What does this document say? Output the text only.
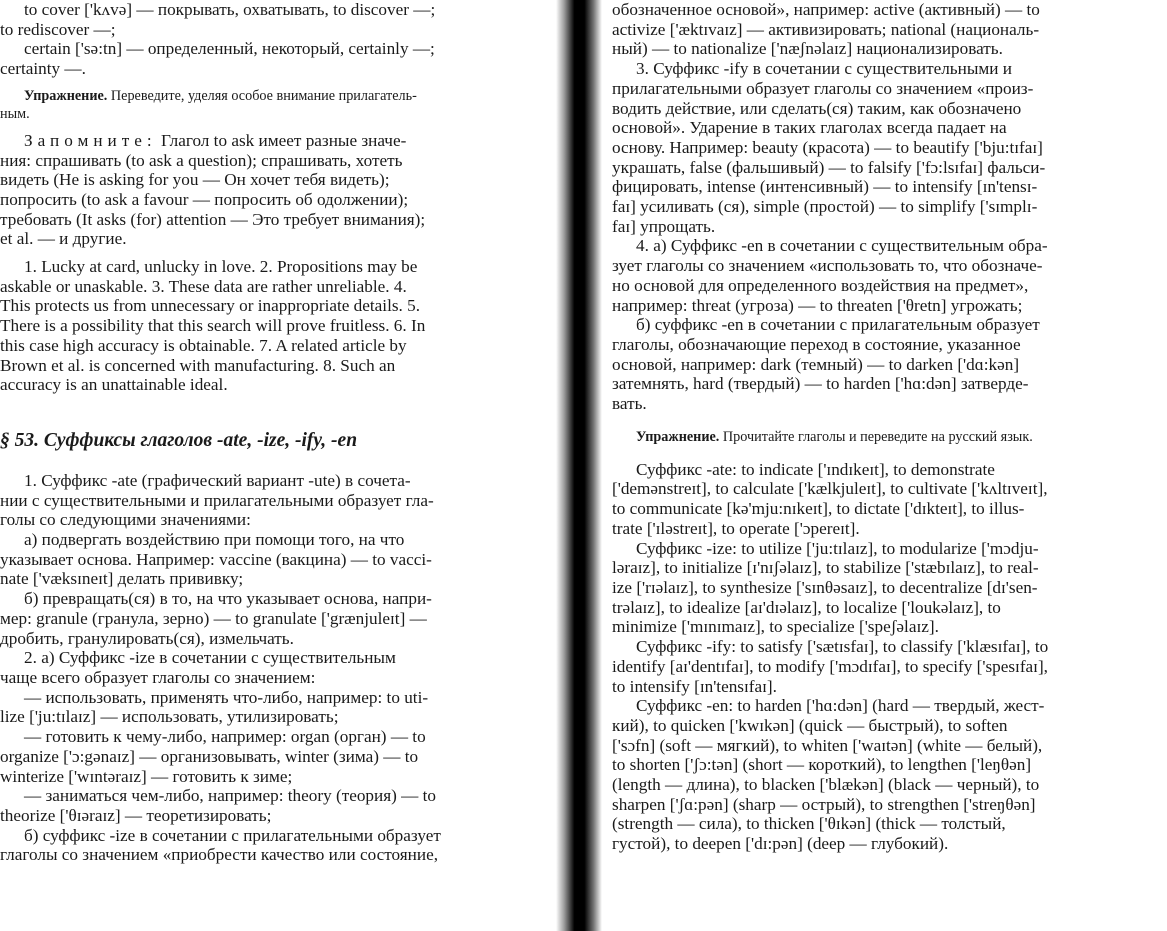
to cover ['kʌvə] — покрывать, охватывать, to discover —;

to rediscover —;

certain ['sə:tn] — определенный, некоторый, certainly —;

certainty —.

Упражнение. Переведите, уделяя особое внимание прилагатель-

ным.

Запомните: Глагол to ask имеет разные значе-

ния: спрашивать (to ask a question); спрашивать, хотеть

видеть (He is asking for you — Он хочет тебя видеть);

попросить (to ask a favour — попросить об одолжении);

требовать (It asks (for) attention — Это требует внимания);

et al. — и другие.

1. Lucky at card, unlucky in love. 2. Propositions may be

askable or unaskable. 3. These data are rather unreliable. 4.

This protects us from unnecessary or inappropriate details. 5.

There is a possibility that this search will prove fruitless. 6. In

this case high accuracy is obtainable. 7. A related article by

Brown et al. is concerned with manufacturing. 8. Such an

accuracy is an unattainable ideal.

§ 53. Суффиксы глаголов -ate, -ize, -ify, -en

1. Суффикс -ate (графический вариант -ute) в сочета-

нии с существительными и прилагательными образует гла-

голы со следующими значениями:

а) подвергать воздействию при помощи того, на что

указывает основа. Например: vaccine (вакцина) — to vacci-

nate ['væksɪneɪt] делать прививку;

б) превращать(ся) в то, на что указывает основа, напри-

мер: granule (гранула, зерно) — to granulate ['grænjuleɪt] —

дробить, гранулировать(ся), измельчать.

2. а) Суффикс -ize в сочетании с существительным

чаще всего образует глаголы со значением:

— использовать, применять что-либо, например: to uti-

lize ['ju:tɪlaɪz] — использовать, утилизировать;

— готовить к чему-либо, например: organ (орган) — to

organize ['ɔ:gənaɪz] — организовывать, winter (зима) — to

winterize ['wɪntəraɪz] — готовить к зиме;

— заниматься чем-либо, например: theory (теория) — to

theorize ['θɪəraɪz] — теоретизировать;

б) суффикс -ize в сочетании с прилагательными образует

глаголы со значением «приобрести качество или состояние,

обозначенное основой», например: active (активный) — to

activize ['æktɪvaɪz] — активизировать; national (националь-

ный) — to nationalize ['næʃnəlaɪz] национализировать.

3. Суффикс -ify в сочетании с существительными и

прилагательными образует глаголы со значением «произ-

водить действие, или сделать(ся) таким, как обозначено

основой». Ударение в таких глаголах всегда падает на

основу. Например: beauty (красота) — to beautify ['bju:tɪfaɪ]

украшать, false (фальшивый) — to falsify ['fɔ:lsɪfaɪ] фальси-

фицировать, intense (интенсивный) — to intensify [ɪn'tensɪ-

faɪ] усиливать (ся), simple (простой) — to simplify ['sɪmplɪ-

faɪ] упрощать.

4. а) Суффикс -en в сочетании с существительным обра-

зует глаголы со значением «использовать то, что обозначе-

но основой для определенного воздействия на предмет»,

например: threat (угроза) — to threaten ['θretn] угрожать;

б) суффикс -en в сочетании с прилагательным образует

глаголы, обозначающие переход в состояние, указанное

основой, например: dark (темный) — to darken ['dɑ:kən]

затемнять, hard (твердый) — to harden ['hɑ:dən] затверде-

вать.

Упражнение. Прочитайте глаголы и переведите на русский язык.

Суффикс -ate: to indicate ['ɪndɪkeɪt], to demonstrate

['demənstreɪt], to calculate ['kælkjuleɪt], to cultivate ['kʌltɪveɪt],

to communicate [kə'mju:nɪkeɪt], to dictate ['dɪkteɪt], to illus-

trate ['ɪləstreɪt], to operate ['ɔpereɪt].

Суффикс -ize: to utilize ['ju:tɪlaɪz], to modularize ['mɔdju-

ləraɪz], to initialize [ɪ'nɪʃəlaɪz], to stabilize ['stæbɪlaɪz], to real-

ize ['rɪəlaɪz], to synthesize ['sɪnθəsaɪz], to decentralize [dɪ'sen-

trəlaɪz], to idealize [aɪ'dɪəlaɪz], to localize ['loukəlaɪz], to

minimize ['mɪnɪmaɪz], to specialize ['speʃəlaɪz].

Суффикс -ify: to satisfy ['sætɪsfaɪ], to classify ['klæsɪfaɪ], to

identify [aɪ'dentɪfaɪ], to modify ['mɔdɪfaɪ], to specify ['spesɪfaɪ],

to intensify [ɪn'tensɪfaɪ].

Суффикс -en: to harden ['hɑ:dən] (hard — твердый, жест-

кий), to quicken ['kwɪkən] (quick — быстрый), to soften

['sɔfn] (soft — мягкий), to whiten ['waɪtən] (white — белый),

to shorten ['ʃɔ:tən] (short — короткий), to lengthen ['leŋθən]

(length — длина), to blacken ['blækən] (black — черный), to

sharpen ['ʃɑ:pən] (sharp — острый), to strengthen ['streŋθən]

(strength — сила), to thicken ['θɪkən] (thick — толстый,

густой), to deepen ['dɪ:pən] (deep — глубокий).
